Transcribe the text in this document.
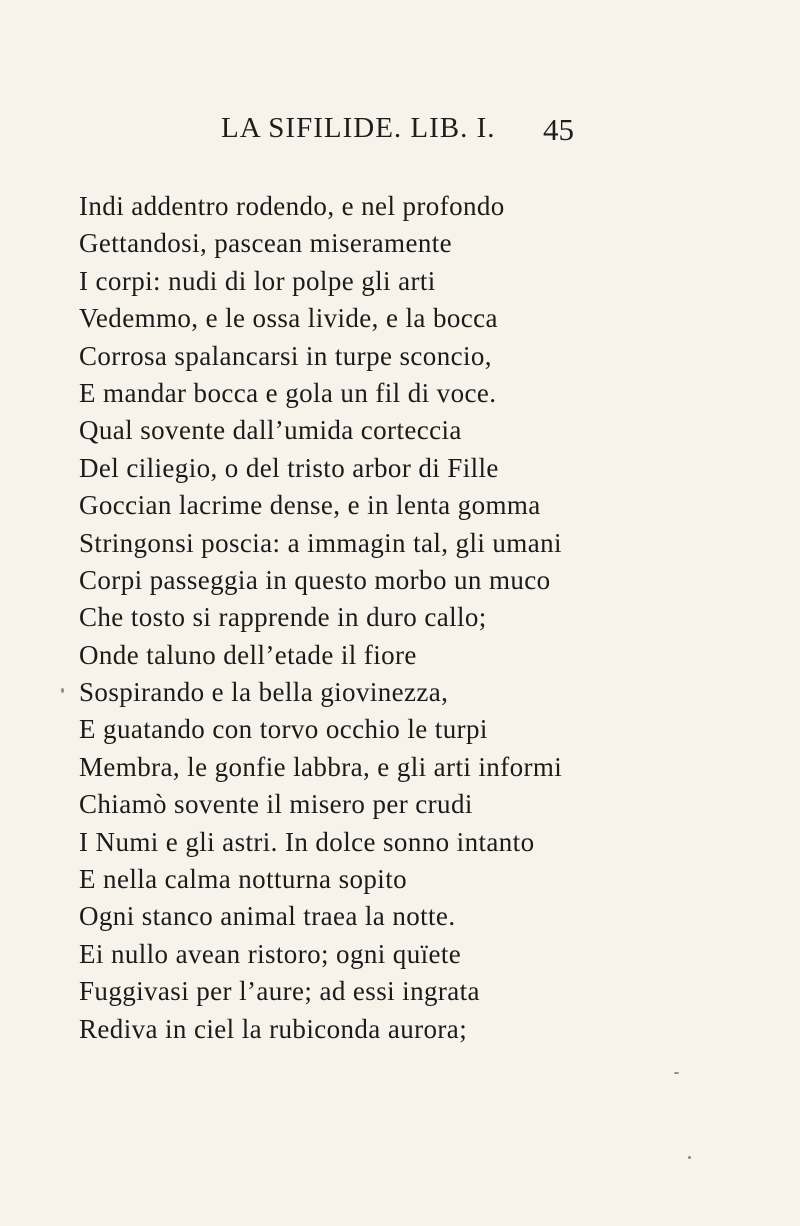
LA SIFILIDE. LIB. I. 45
Indi addentro rodendo, e nel profondo
Gettandosi, pascean miseramente
I corpi: nudi di lor polpe gli arti
Vedemmo, e le ossa livide, e la bocca
Corrosa spalancarsi in turpe sconcio,
E mandar bocca e gola un fil di voce.
Qual sovente dall’umida corteccia
Del ciliegio, o del tristo arbor di Fille
Goccian lacrime dense, e in lenta gomma
Stringonsi poscia: a immagin tal, gli umani
Corpi passeggia in questo morbo un muco
Che tosto si rapprende in duro callo;
Onde taluno dell’etade il fiore
Sospirando e la bella giovinezza,
E guatando con torvo occhio le turpi
Membra, le gonfie labbra, e gli arti informi
Chiamò sovente il misero per crudi
I Numi e gli astri. In dolce sonno intanto
E nella calma notturna sopito
Ogni stanco animal traea la notte.
Ei nullo avean ristoro; ogni quïete
Fuggivasi per l’aure; ad essi ingrata
Rediva in ciel la rubiconda aurora;
